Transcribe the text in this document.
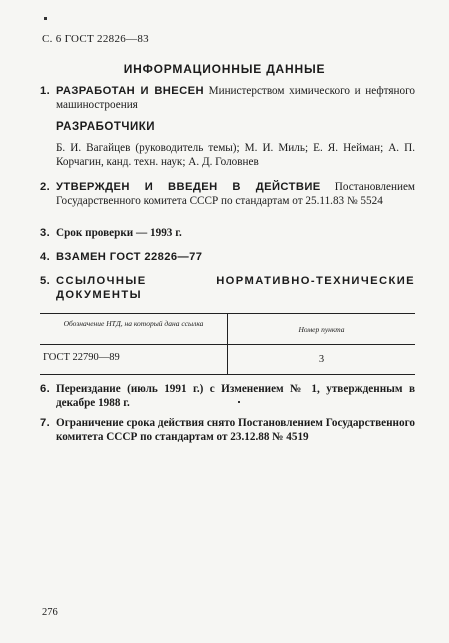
С. 6 ГОСТ 22826—83
ИНФОРМАЦИОННЫЕ ДАННЫЕ
1. РАЗРАБОТАН И ВНЕСЕН Министерством химического и нефтяного машиностроения
РАЗРАБОТЧИКИ
Б. И. Вагайцев (руководитель темы); М. И. Миль; Е. Я. Нейман; А. П. Корчагин, канд. техн. наук; А. Д. Головнев
2. УТВЕРЖДЕН И ВВЕДЕН В ДЕЙСТВИЕ Постановлением Государственного комитета СССР по стандартам от 25.11.83 № 5524
3. Срок проверки — 1993 г.
4. ВЗАМЕН ГОСТ 22826—77
5. ССЫЛОЧНЫЕ НОРМАТИВНО-ТЕХНИЧЕСКИЕ ДОКУМЕНТЫ
Обозначение НТД, на который дана ссылка
Номер пункта
ГОСТ 22790—89	3
6. Переиздание (июль 1991 г.) с Изменением № 1, утвержденным в декабре 1988 г.
7. Ограничение срока действия снято Постановлением Государственного комитета СССР по стандартам от 23.12.88 № 4519
276
